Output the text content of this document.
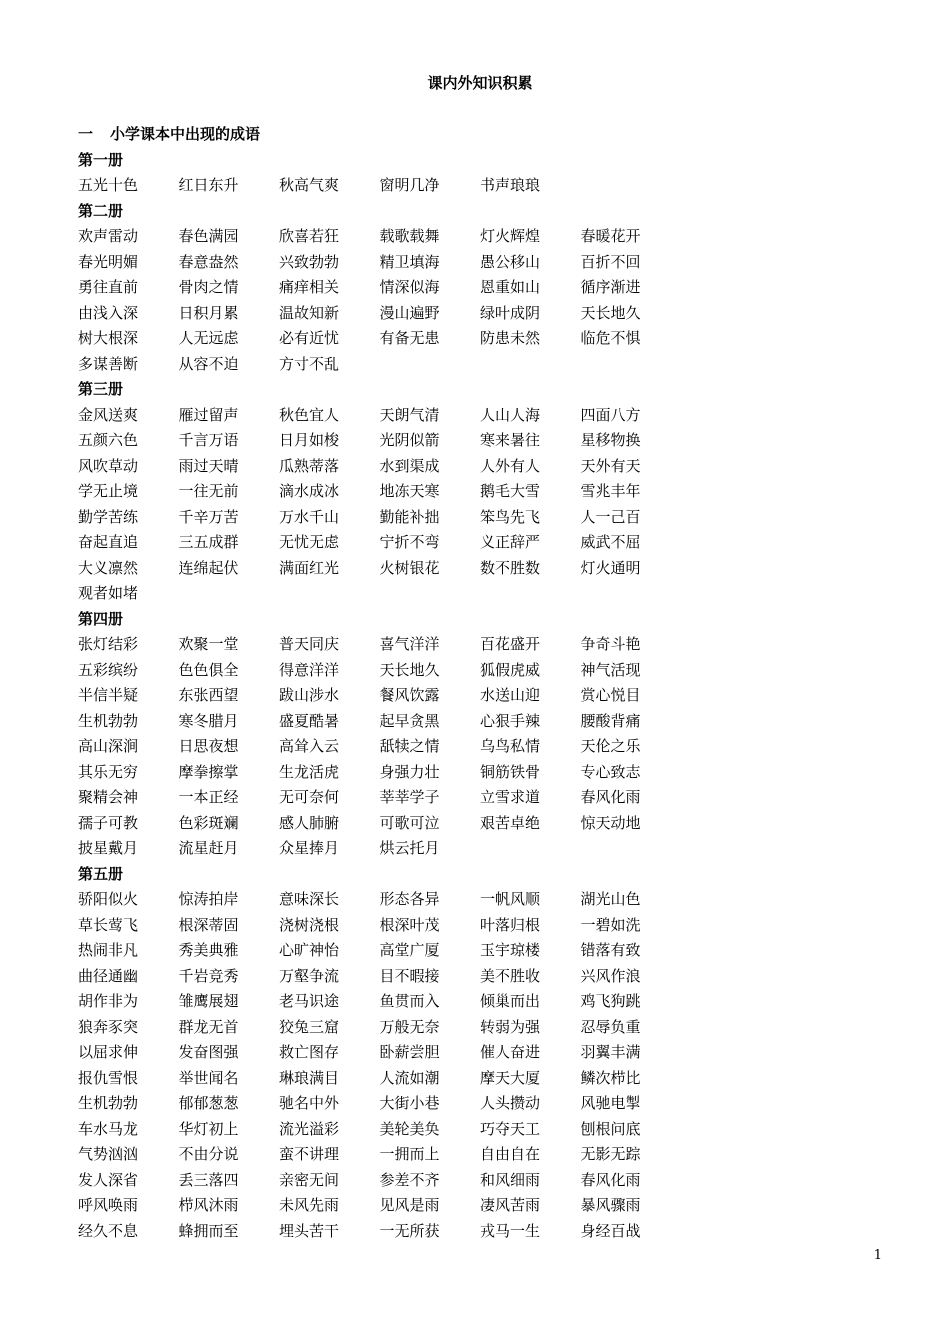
课内外知识积累
一 小学课本中出现的成语
第一册
五光十色	红日东升	秋高气爽	窗明几净	书声琅琅
第二册
欢声雷动	春色满园	欣喜若狂	载歌载舞	灯火辉煌	春暖花开
春光明媚	春意盎然	兴致勃勃	精卫填海	愚公移山	百折不回
勇往直前	骨肉之情	痛痒相关	情深似海	恩重如山	循序渐进
由浅入深	日积月累	温故知新	漫山遍野	绿叶成阴	天长地久
树大根深	人无远虑	必有近忧	有备无患	防患未然	临危不惧
多谋善断	从容不迫	方寸不乱
第三册
金风送爽	雁过留声	秋色宜人	天朗气清	人山人海	四面八方
五颜六色	千言万语	日月如梭	光阴似箭	寒来暑往	星移物换
风吹草动	雨过天晴	瓜熟蒂落	水到渠成	人外有人	天外有天
学无止境	一往无前	滴水成冰	地冻天寒	鹅毛大雪	雪兆丰年
勤学苦练	千辛万苦	万水千山	勤能补拙	笨鸟先飞	人一己百
奋起直追	三五成群	无忧无虑	宁折不弯	义正辞严	威武不屈
大义凛然	连绵起伏	满面红光	火树银花	数不胜数	灯火通明
观者如堵
第四册
张灯结彩	欢聚一堂	普天同庆	喜气洋洋	百花盛开	争奇斗艳
五彩缤纷	色色俱全	得意洋洋	天长地久	狐假虎威	神气活现
半信半疑	东张西望	跋山涉水	餐风饮露	水送山迎	赏心悦目
生机勃勃	寒冬腊月	盛夏酷暑	起早贪黑	心狠手辣	腰酸背痛
高山深涧	日思夜想	高耸入云	舐犊之情	乌鸟私情	天伦之乐
其乐无穷	摩拳擦掌	生龙活虎	身强力壮	铜筋铁骨	专心致志
聚精会神	一本正经	无可奈何	莘莘学子	立雪求道	春风化雨
孺子可教	色彩斑斓	感人肺腑	可歌可泣	艰苦卓绝	惊天动地
披星戴月	流星赶月	众星捧月	烘云托月
第五册
骄阳似火	惊涛拍岸	意味深长	形态各异	一帆风顺	湖光山色
草长莺飞	根深蒂固	浇树浇根	根深叶茂	叶落归根	一碧如洗
热闹非凡	秀美典雅	心旷神怡	高堂广厦	玉宇琼楼	错落有致
曲径通幽	千岩竞秀	万壑争流	目不暇接	美不胜收	兴风作浪
胡作非为	雏鹰展翅	老马识途	鱼贯而入	倾巢而出	鸡飞狗跳
狼奔豕突	群龙无首	狡兔三窟	万般无奈	转弱为强	忍辱负重
以屈求伸	发奋图强	救亡图存	卧薪尝胆	催人奋进	羽翼丰满
报仇雪恨	举世闻名	琳琅满目	人流如潮	摩天大厦	鳞次栉比
生机勃勃	郁郁葱葱	驰名中外	大街小巷	人头攒动	风驰电掣
车水马龙	华灯初上	流光溢彩	美轮美奂	巧夺天工	刨根问底
气势汹汹	不由分说	蛮不讲理	一拥而上	自由自在	无影无踪
发人深省	丢三落四	亲密无间	参差不齐	和风细雨	春风化雨
呼风唤雨	栉风沐雨	未风先雨	见风是雨	凄风苦雨	暴风骤雨
经久不息	蜂拥而至	埋头苦干	一无所获	戎马一生	身经百战
1
